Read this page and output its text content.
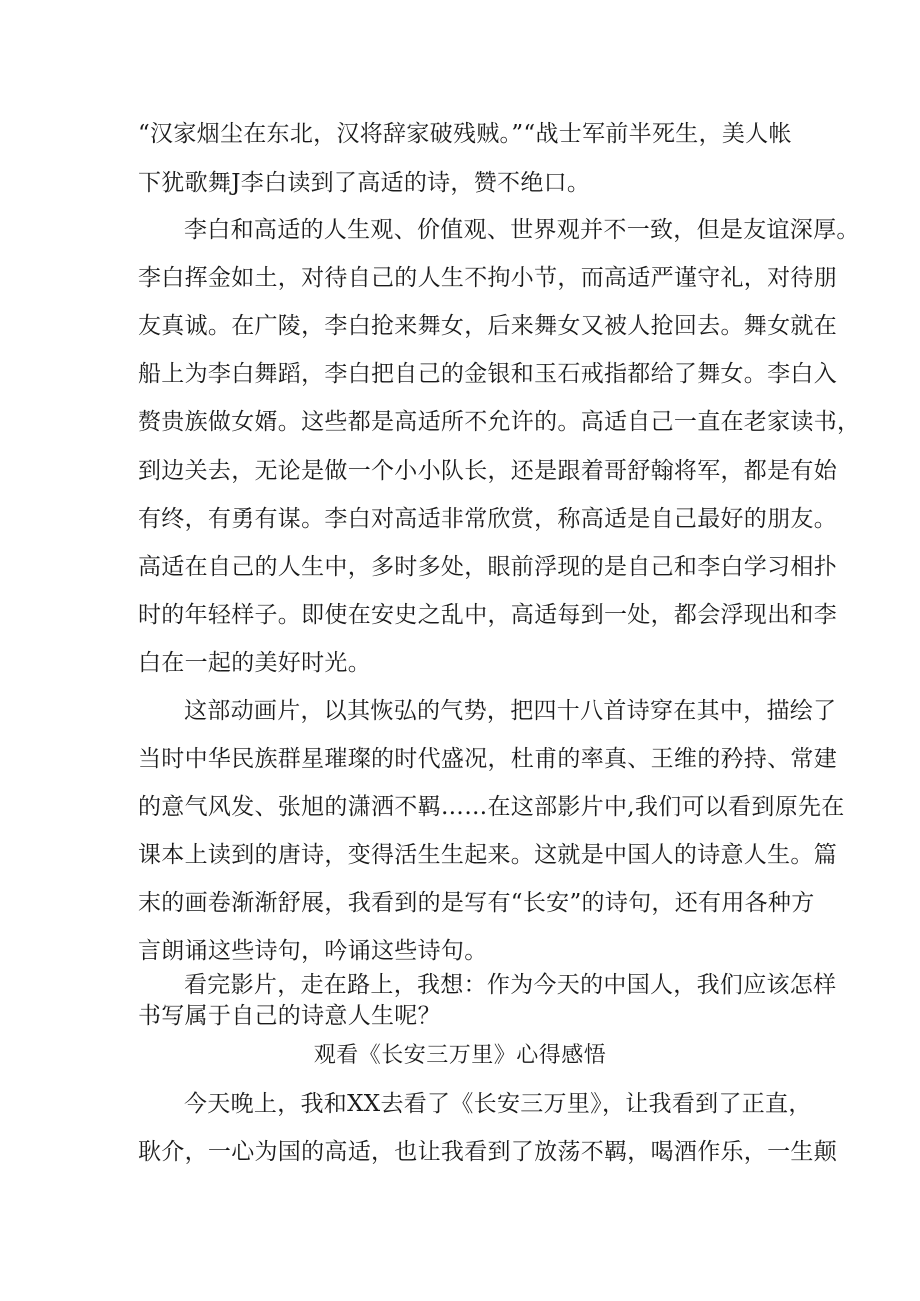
“汉家烟尘在东北，汉将辞家破残贼。”“战士军前半死生，美人帐
下犹歌舞J李白读到了高适的诗，赞不绝口。
李白和高适的人生观、价值观、世界观并不一致，但是友谊深厚。
李白挥金如土，对待自己的人生不拘小节，而高适严谨守礼，对待朋
友真诚。在广陵，李白抢来舞女，后来舞女又被人抢回去。舞女就在
船上为李白舞蹈，李白把自己的金银和玉石戒指都给了舞女。李白入
赘贵族做女婿。这些都是高适所不允许的。高适自己一直在老家读书，
到边关去，无论是做一个小小队长，还是跟着哥舒翰将军，都是有始
有终，有勇有谋。李白对高适非常欣赏，称高适是自己最好的朋友。
高适在自己的人生中，多时多处，眼前浮现的是自己和李白学习相扑
时的年轻样子。即使在安史之乱中，高适每到一处，都会浮现出和李
白在一起的美好时光。
这部动画片，以其恢弘的气势，把四十八首诗穿在其中，描绘了
当时中华民族群星璀璨的时代盛况，杜甫的率真、王维的矜持、常建
的意气风发、张旭的潇洒不羁……在这部影片中,我们可以看到原先在
课本上读到的唐诗，变得活生生起来。这就是中国人的诗意人生。篇
末的画卷渐渐舒展，我看到的是写有“长安”的诗句，还有用各种方
言朗诵这些诗句，吟诵这些诗句。
看完影片，走在路上，我想：作为今天的中国人，我们应该怎样
书写属于自己的诗意人生呢？
观看《长安三万里》心得感悟
今天晚上，我和XX去看了《长安三万里》，让我看到了正直，
耿介，一心为国的高适，也让我看到了放荡不羁，喝酒作乐，一生颠
